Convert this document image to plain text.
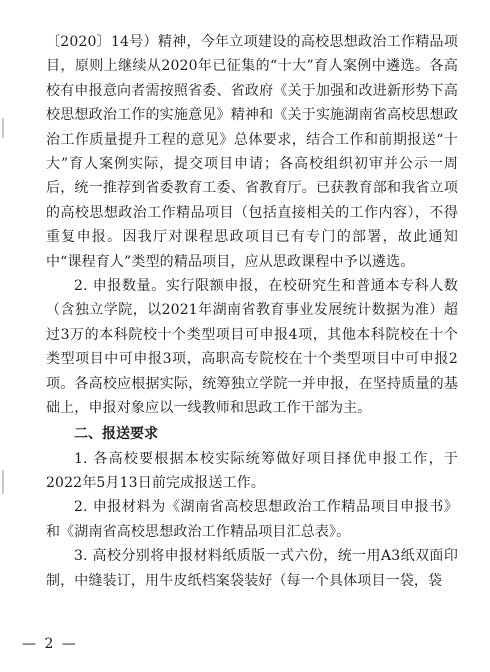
〔2020〕14号）精神，今年立项建设的高校思想政治工作精品项目，原则上继续从2020年已征集的“十大”育人案例中遴选。各高校有申报意向者需按照省委、省政府《关于加强和改进新形势下高校思想政治工作的实施意见》精神和《关于实施湖南省高校思想政治工作质量提升工程的意见》总体要求，结合工作和前期报送“十大”育人案例实际，提交项目申请；各高校组织初审并公示一周后，统一推荐到省委教育工委、省教育厅。已获教育部和我省立项的高校思想政治工作精品项目（包括直接相关的工作内容），不得重复申报。因我厅对课程思政项目已有专门的部署，故此通知中“课程育人”类型的精品项目，应从思政课程中予以遴选。

2. 申报数量。实行限额申报，在校研究生和普通本专科人数（含独立学院，以2021年湖南省教育事业发展统计数据为准）超过3万的本科院校十个类型项目可申报4项，其他本科院校在十个类型项目中可申报3项，高职高专院校在十个类型项目中可申报2项。各高校应根据实际，统筹独立学院一并申报，在坚持质量的基础上，申报对象应以一线教师和思政工作干部为主。

二、报送要求

1. 各高校要根据本校实际统筹做好项目择优申报工作，于2022年5月13日前完成报送工作。

2. 申报材料为《湖南省高校思想政治工作精品项目申报书》和《湖南省高校思想政治工作精品项目汇总表》。

3. 高校分别将申报材料纸质版一式六份，统一用A3纸双面印制，中缝装订，用牛皮纸档案袋装好（每一个具体项目一袋，袋

— 2 —
